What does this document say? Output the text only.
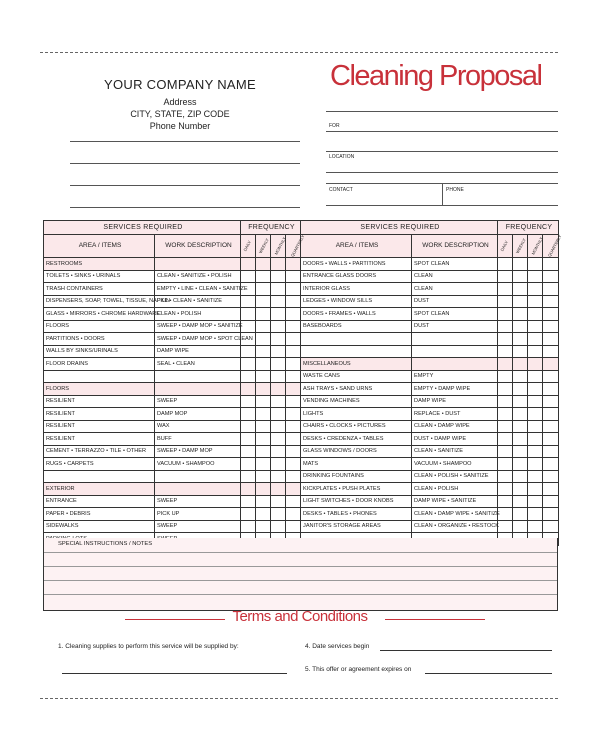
YOUR COMPANY NAME
Address
CITY, STATE, ZIP CODE
Phone Number
Cleaning Proposal
FOR
LOCATION
CONTACT	PHONE
SERVICES REQUIRED		FREQUENCY				SERVICES REQUIRED		FREQUENCY			
AREA / ITEMS	WORK DESCRIPTION	DAILY	WEEKLY	MONTHLY	QUARTERLY	AREA / ITEMS	WORK DESCRIPTION	DAILY	WEEKLY	MONTHLY	QUARTERLY
RESTROOMS						DOORS • WALLS • PARTITIONS	SPOT CLEAN				
TOILETS • SINKS • URINALS	CLEAN • SANITIZE • POLISH					ENTRANCE GLASS DOORS	CLEAN				
TRASH CONTAINERS	EMPTY • LINE • CLEAN • SANITIZE					INTERIOR GLASS	CLEAN				
DISPENSERS, SOAP, TOWEL, TISSUE, NAPKIN	FILL • CLEAN • SANITIZE					LEDGES • WINDOW SILLS	DUST				
GLASS • MIRRORS • CHROME HARDWARE	CLEAN • POLISH					DOORS • FRAMES • WALLS	SPOT CLEAN				
FLOORS	SWEEP • DAMP MOP • SANITIZE					BASEBOARDS	DUST				
PARTITIONS • DOORS	SWEEP • DAMP MOP • SPOT CLEAN										
WALLS BY SINKS/URINALS	DAMP WIPE										
FLOOR DRAINS	SEAL • CLEAN					MISCELLANEOUS					
						WASTE CANS	EMPTY				
FLOORS						ASH TRAYS • SAND URNS	EMPTY • DAMP WIPE				
RESILIENT	SWEEP					VENDING MACHINES	DAMP WIPE				
RESILIENT	DAMP MOP					LIGHTS	REPLACE • DUST				
RESILIENT	WAX					CHAIRS • CLOCKS • PICTURES	CLEAN • DAMP WIPE				
RESILIENT	BUFF					DESKS • CREDENZA • TABLES	DUST • DAMP WIPE				
CEMENT • TERRAZZO • TILE • OTHER	SWEEP • DAMP MOP					GLASS WINDOWS / DOORS	CLEAN • SANITIZE				
RUGS • CARPETS	VACUUM • SHAMPOO					MATS	VACUUM • SHAMPOO				
						DRINKING FOUNTAINS	CLEAN • POLISH • SANITIZE				
EXTERIOR						KICKPLATES • PUSH PLATES	CLEAN • POLISH				
ENTRANCE	SWEEP					LIGHT SWITCHES • DOOR KNOBS	DAMP WIPE • SANITIZE				
PAPER • DEBRIS	PICK UP					DESKS • TABLES • PHONES	CLEAN • DAMP WIPE • SANITIZE				
SIDEWALKS	SWEEP					JANITOR'S STORAGE AREAS	CLEAN • ORGANIZE • RESTOCK				

SPECIAL INSTRUCTIONS / NOTES
Terms and Conditions
1. Cleaning supplies to perform this service will be supplied by:	4. Date services begin
5. This offer or agreement expires on
